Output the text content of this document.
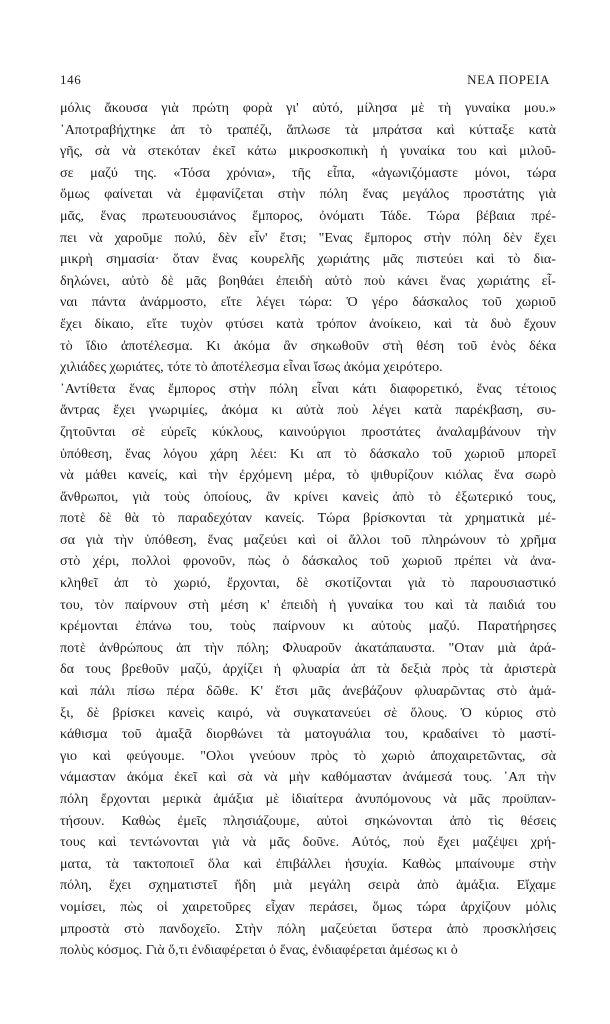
146	ΝΕΑ ΠΟΡΕΙΑ
μόλις ἄκουσα γιὰ πρώτη φορὰ γι' αὐτό, μίλησα μὲ τὴ γυναίκα μου.»
᾿Αποτραβήχτηκε ἀπ τὸ τραπέζι, ἅπλωσε τὰ μπράτσα καὶ κύτταξε κατὰ
γῆς, σὰ νὰ στεκόταν ἐκεῖ κάτω μικροσκοπικὴ ἡ γυναίκα του καὶ μιλοῦ-
σε μαζύ της. «Τόσα χρόνια», τῆς εἶπα, «ἀγωνιζόμαστε μόνοι, τώρα
ὅμως φαίνεται νὰ ἐμφανίζεται στὴν πόλη ἕνας μεγάλος προστάτης γιὰ
μᾶς, ἕνας πρωτευουσιάνος ἔμπορος, ὀνόματι Τάδε. Τώρα βέβαια πρέ-
πει νὰ χαροῦμε πολύ, δὲν εἶν' ἔτσι; "Ενας ἔμπορος στὴν πόλη δὲν ἔχει
μικρὴ σημασία· ὅταν ἕνας κουρελῆς χωριάτης μᾶς πιστεύει καὶ τὸ δια-
δηλώνει, αὐτὸ δὲ μᾶς βοηθάει ἐπειδὴ αὐτὸ ποὺ κάνει ἕνας χωριάτης εἶ-
ναι πάντα ἀνάρμοστο, εἴτε λέγει τώρα: Ὁ γέρο δάσκαλος τοῦ χωριοῦ
ἔχει δίκαιο, εἴτε τυχὸν φτύσει κατὰ τρόπον ἀνοίκειο, καὶ τὰ δυὸ ἔχουν
τὸ ἴδιο ἀποτέλεσμα. Κι ἀκόμα ἂν σηκωθοῦν στὴ θέση τοῦ ἑνὸς δέκα
χιλιάδες χωριάτες, τότε τὸ ἀποτέλεσμα εἶναι ἴσως ἀκόμα χειρότερο.
᾿Αντίθετα ἕνας ἔμπορος στὴν πόλη εἶναι κάτι διαφορετικό, ἕνας τέτοιος
ἄντρας ἔχει γνωριμίες, ἀκόμα κι αὐτὰ ποὺ λέγει κατὰ παρέκβαση, συ-
ζητοῦνται σὲ εὐρεῖς κύκλους, καινούργιοι προστάτες ἀναλαμβάνουν τὴν
ὑπόθεση, ἕνας λόγου χάρη λέει: Κι απ τὸ δάσκαλο τοῦ χωριοῦ μπορεῖ
νὰ μάθει κανείς, καὶ τὴν ἐρχόμενη μέρα, τὸ ψιθυρίζουν κιόλας ἕνα σωρὸ
ἄνθρωποι, γιὰ τοὺς ὁποίους, ἂν κρίνει κανεὶς ἀπὸ τὸ ἐξωτερικό τους,
ποτὲ δὲ θὰ τὸ παραδεχόταν κανείς. Τώρα βρίσκονται τὰ χρηματικὰ μέ-
σα γιὰ τὴν ὑπόθεση, ἕνας μαζεύει καὶ οἱ ἄλλοι τοῦ πληρώνουν τὸ χρῆμα
στὸ χέρι, πολλοὶ φρονοῦν, πὼς ὁ δάσκαλος τοῦ χωριοῦ πρέπει νὰ ἀνα-
κληθεῖ ἀπ τὸ χωριό, ἔρχονται, δὲ σκοτίζονται γιὰ τὸ παρουσιαστικό
του, τὸν παίρνουν στὴ μέση κ' ἐπειδὴ ἡ γυναίκα του καὶ τὰ παιδιά του
κρέμονται ἐπάνω του, τοὺς παίρνουν κι αὐτοὺς μαζύ. Παρατήρησες
ποτὲ ἀνθρώπους ἀπ τὴν πόλη; Φλυαροῦν ἀκατάπαυστα. "Οταν μιὰ ἀρά-
δα τους βρεθοῦν μαζύ, ἀρχίζει ἡ φλυαρία ἀπ τὰ δεξιὰ πρὸς τὰ ἀριστερὰ
καὶ πάλι πίσω πέρα δῶθε. Κ' ἔτσι μᾶς ἀνεβάζουν φλυαρῶντας στὸ ἁμά-
ξι, δὲ βρίσκει κανεὶς καιρό, νὰ συγκατανεύει σὲ ὅλους. Ὁ κύριος στὸ
κάθισμα τοῦ ἁμαξᾶ διορθώνει τὰ ματογυάλια του, κραδαίνει τὸ μαστί-
γιο καὶ φεύγουμε. "Ολοι γνεύουν πρὸς τὸ χωριὸ ἀποχαιρετῶντας, σὰ
νάμασταν ἀκόμα ἐκεῖ καὶ σὰ νὰ μὴν καθόμασταν ἀνάμεσά τους. ᾿Απ τὴν
πόλη ἔρχονται μερικὰ ἁμάξια μὲ ἰδιαίτερα ἀνυπόμονους νὰ μᾶς προϋπαν-
τήσουν. Καθὼς ἐμεῖς πλησιάζουμε, αὐτοὶ σηκώνονται ἀπὸ τὶς θέσεις
τους καὶ τεντώνονται γιὰ νὰ μᾶς δοῦνε. Αὐτός, ποὺ ἔχει μαζέψει χρή-
ματα, τὰ τακτοποιεῖ ὅλα καὶ ἐπιβάλλει ἡσυχία. Καθὼς μπαίνουμε στὴν
πόλη, ἔχει σχηματιστεῖ ἤδη μιὰ μεγάλη σειρὰ ἀπὸ ἁμάξια. Εἴχαμε
νομίσει, πὼς οἱ χαιρετοῦρες εἶχαν περάσει, ὅμως τώρα ἀρχίζουν μόλις
μπροστὰ στὸ πανδοχεῖο. Στὴν πόλη μαζεύεται ὕστερα ἀπὸ προσκλήσεις
πολὺς κόσμος. Γιὰ ὅ,τι ἐνδιαφέρεται ὁ ἕνας, ἐνδιαφέρεται ἀμέσως κι ὁ
